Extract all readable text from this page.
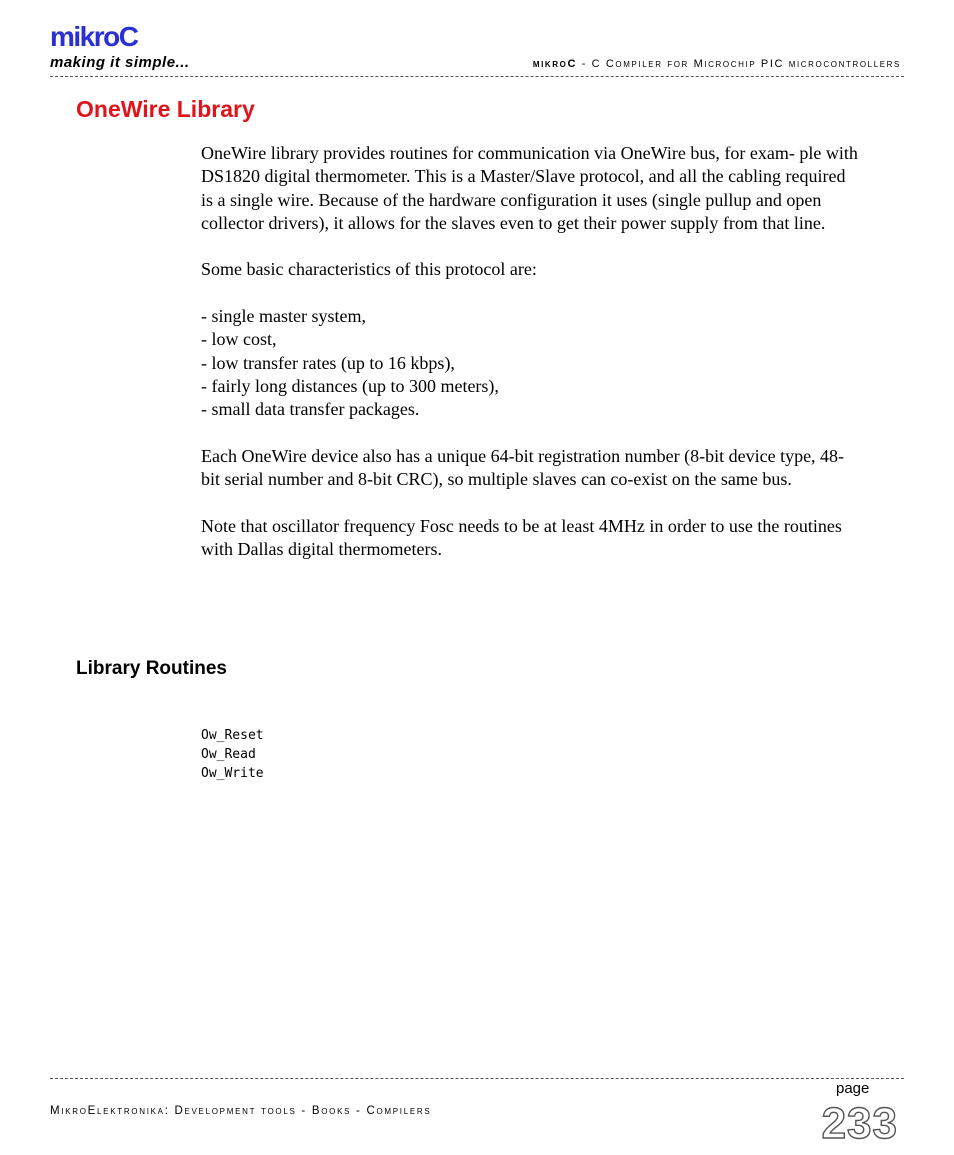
mikroC
making it simple...	mikroC - C Compiler for Microchip PIC microcontrollers
OneWire Library

OneWire library provides routines for communication via OneWire bus, for exam- ple with DS1820 digital thermometer. This is a Master/Slave protocol, and all the cabling required is a single wire. Because of the hardware configuration it uses (single pullup and open collector drivers), it allows for the slaves even to get their power supply from that line.

Some basic characteristics of this protocol are:

- single master system,

- low cost,

- low transfer rates (up to 16 kbps),

- fairly long distances (up to 300 meters),

- small data transfer packages.

Each OneWire device also has a unique 64-bit registration number (8-bit device type, 48-bit serial number and 8-bit CRC), so multiple slaves can co-exist on the same bus.

Note that oscillator frequency Fosc needs to be at least 4MHz in order to use the routines with Dallas digital thermometers.

Library Routines
Ow_Reset
Ow_Read
Ow_Write
page
MikroElektronika: Development tools - Books - Compilers	233
